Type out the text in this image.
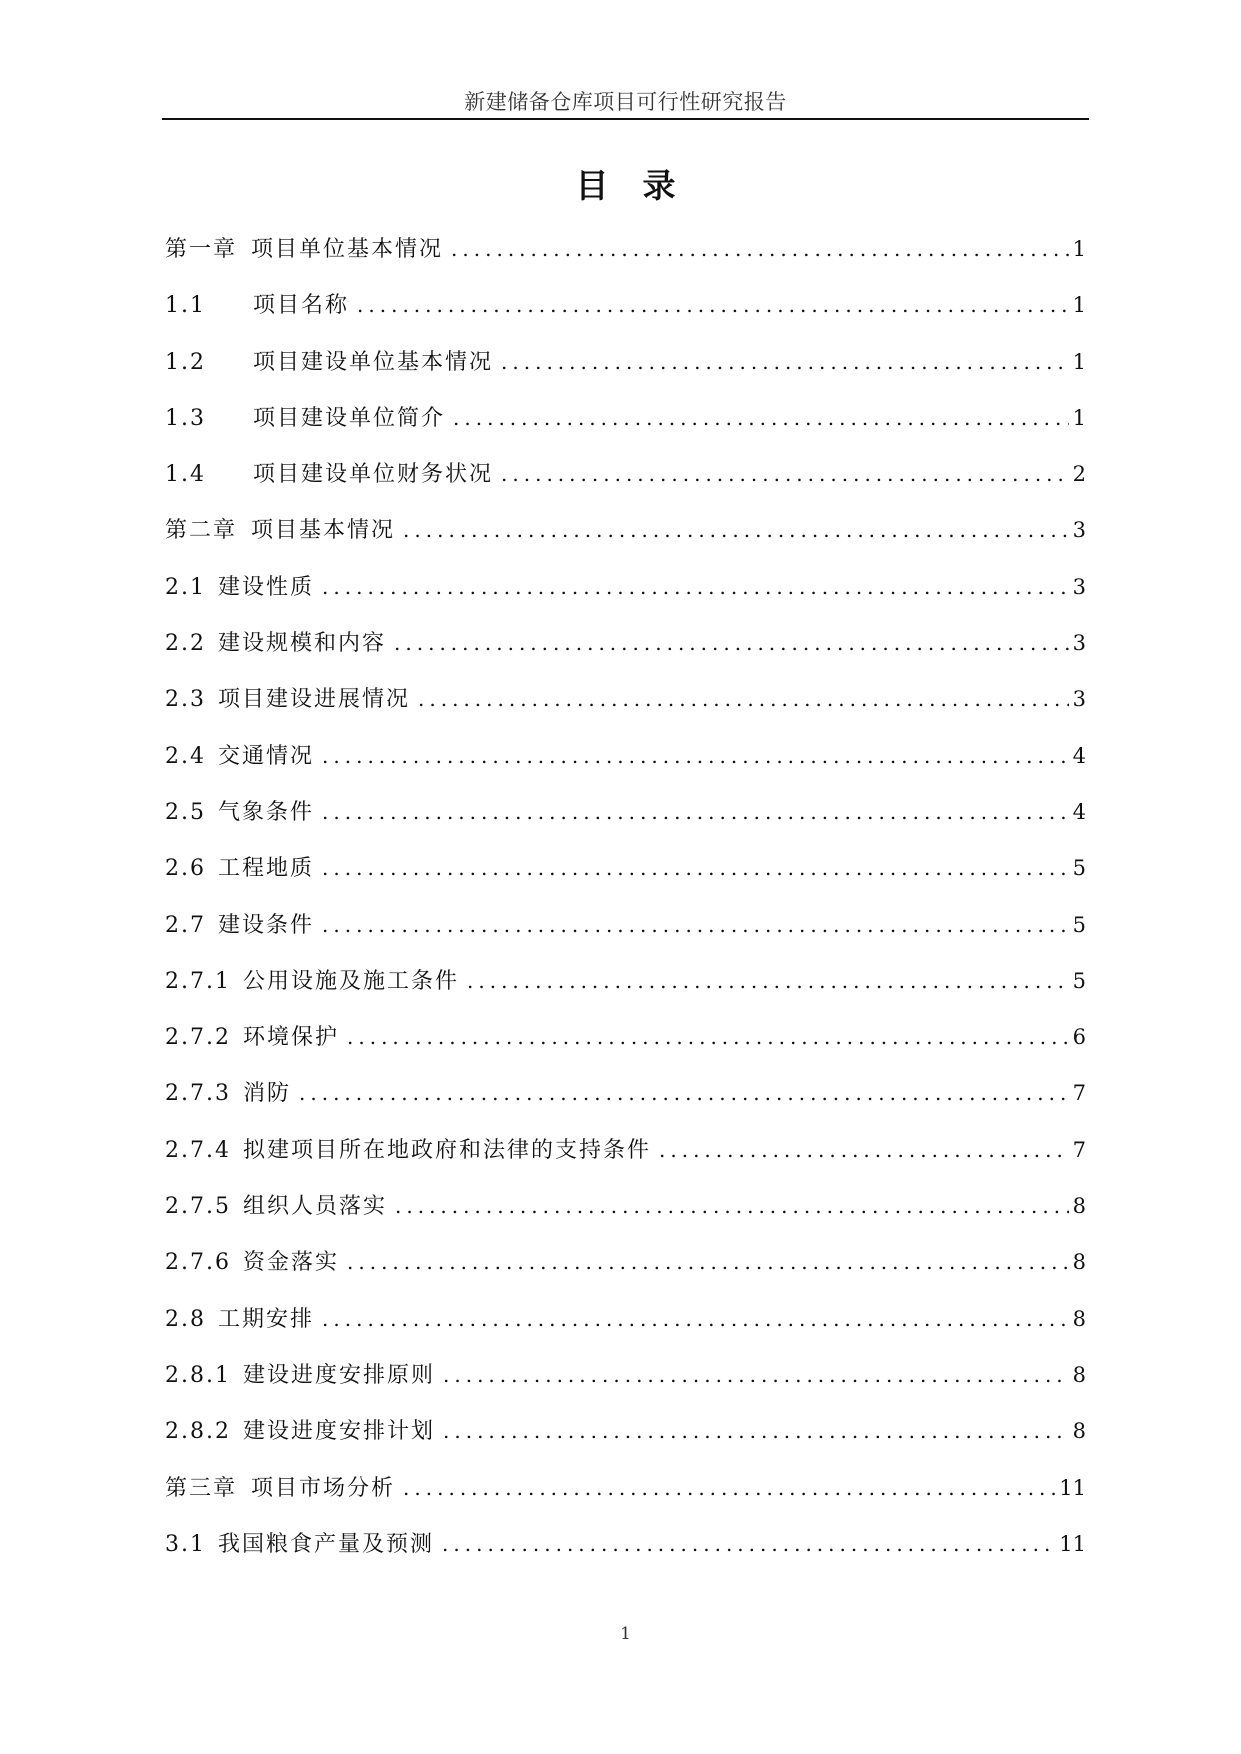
新建储备仓库项目可行性研究报告
目录
第一章 项目单位基本情况 .....	1
1.1	项目名称 .....	1
1.2	项目建设单位基本情况 .....	1
1.3	项目建设单位简介 .....	1
1.4	项目建设单位财务状况 .....	2
第二章 项目基本情况 .....	3
2.1 建设性质 .....	3
2.2 建设规模和内容 .....	3
2.3 项目建设进展情况 .....	3
2.4 交通情况 .....	4
2.5 气象条件 .....	4
2.6 工程地质 .....	5
2.7 建设条件 .....	5
2.7.1 公用设施及施工条件 .....	5
2.7.2 环境保护 .....	6
2.7.3 消防 .....	7
2.7.4 拟建项目所在地政府和法律的支持条件 .....	7
2.7.5 组织人员落实 .....	8
2.7.6 资金落实 .....	8
2.8 工期安排 .....	8
2.8.1 建设进度安排原则 .....	8
2.8.2 建设进度安排计划 .....	8
第三章 项目市场分析 .....	11
3.1 我国粮食产量及预测 .....	11
1
